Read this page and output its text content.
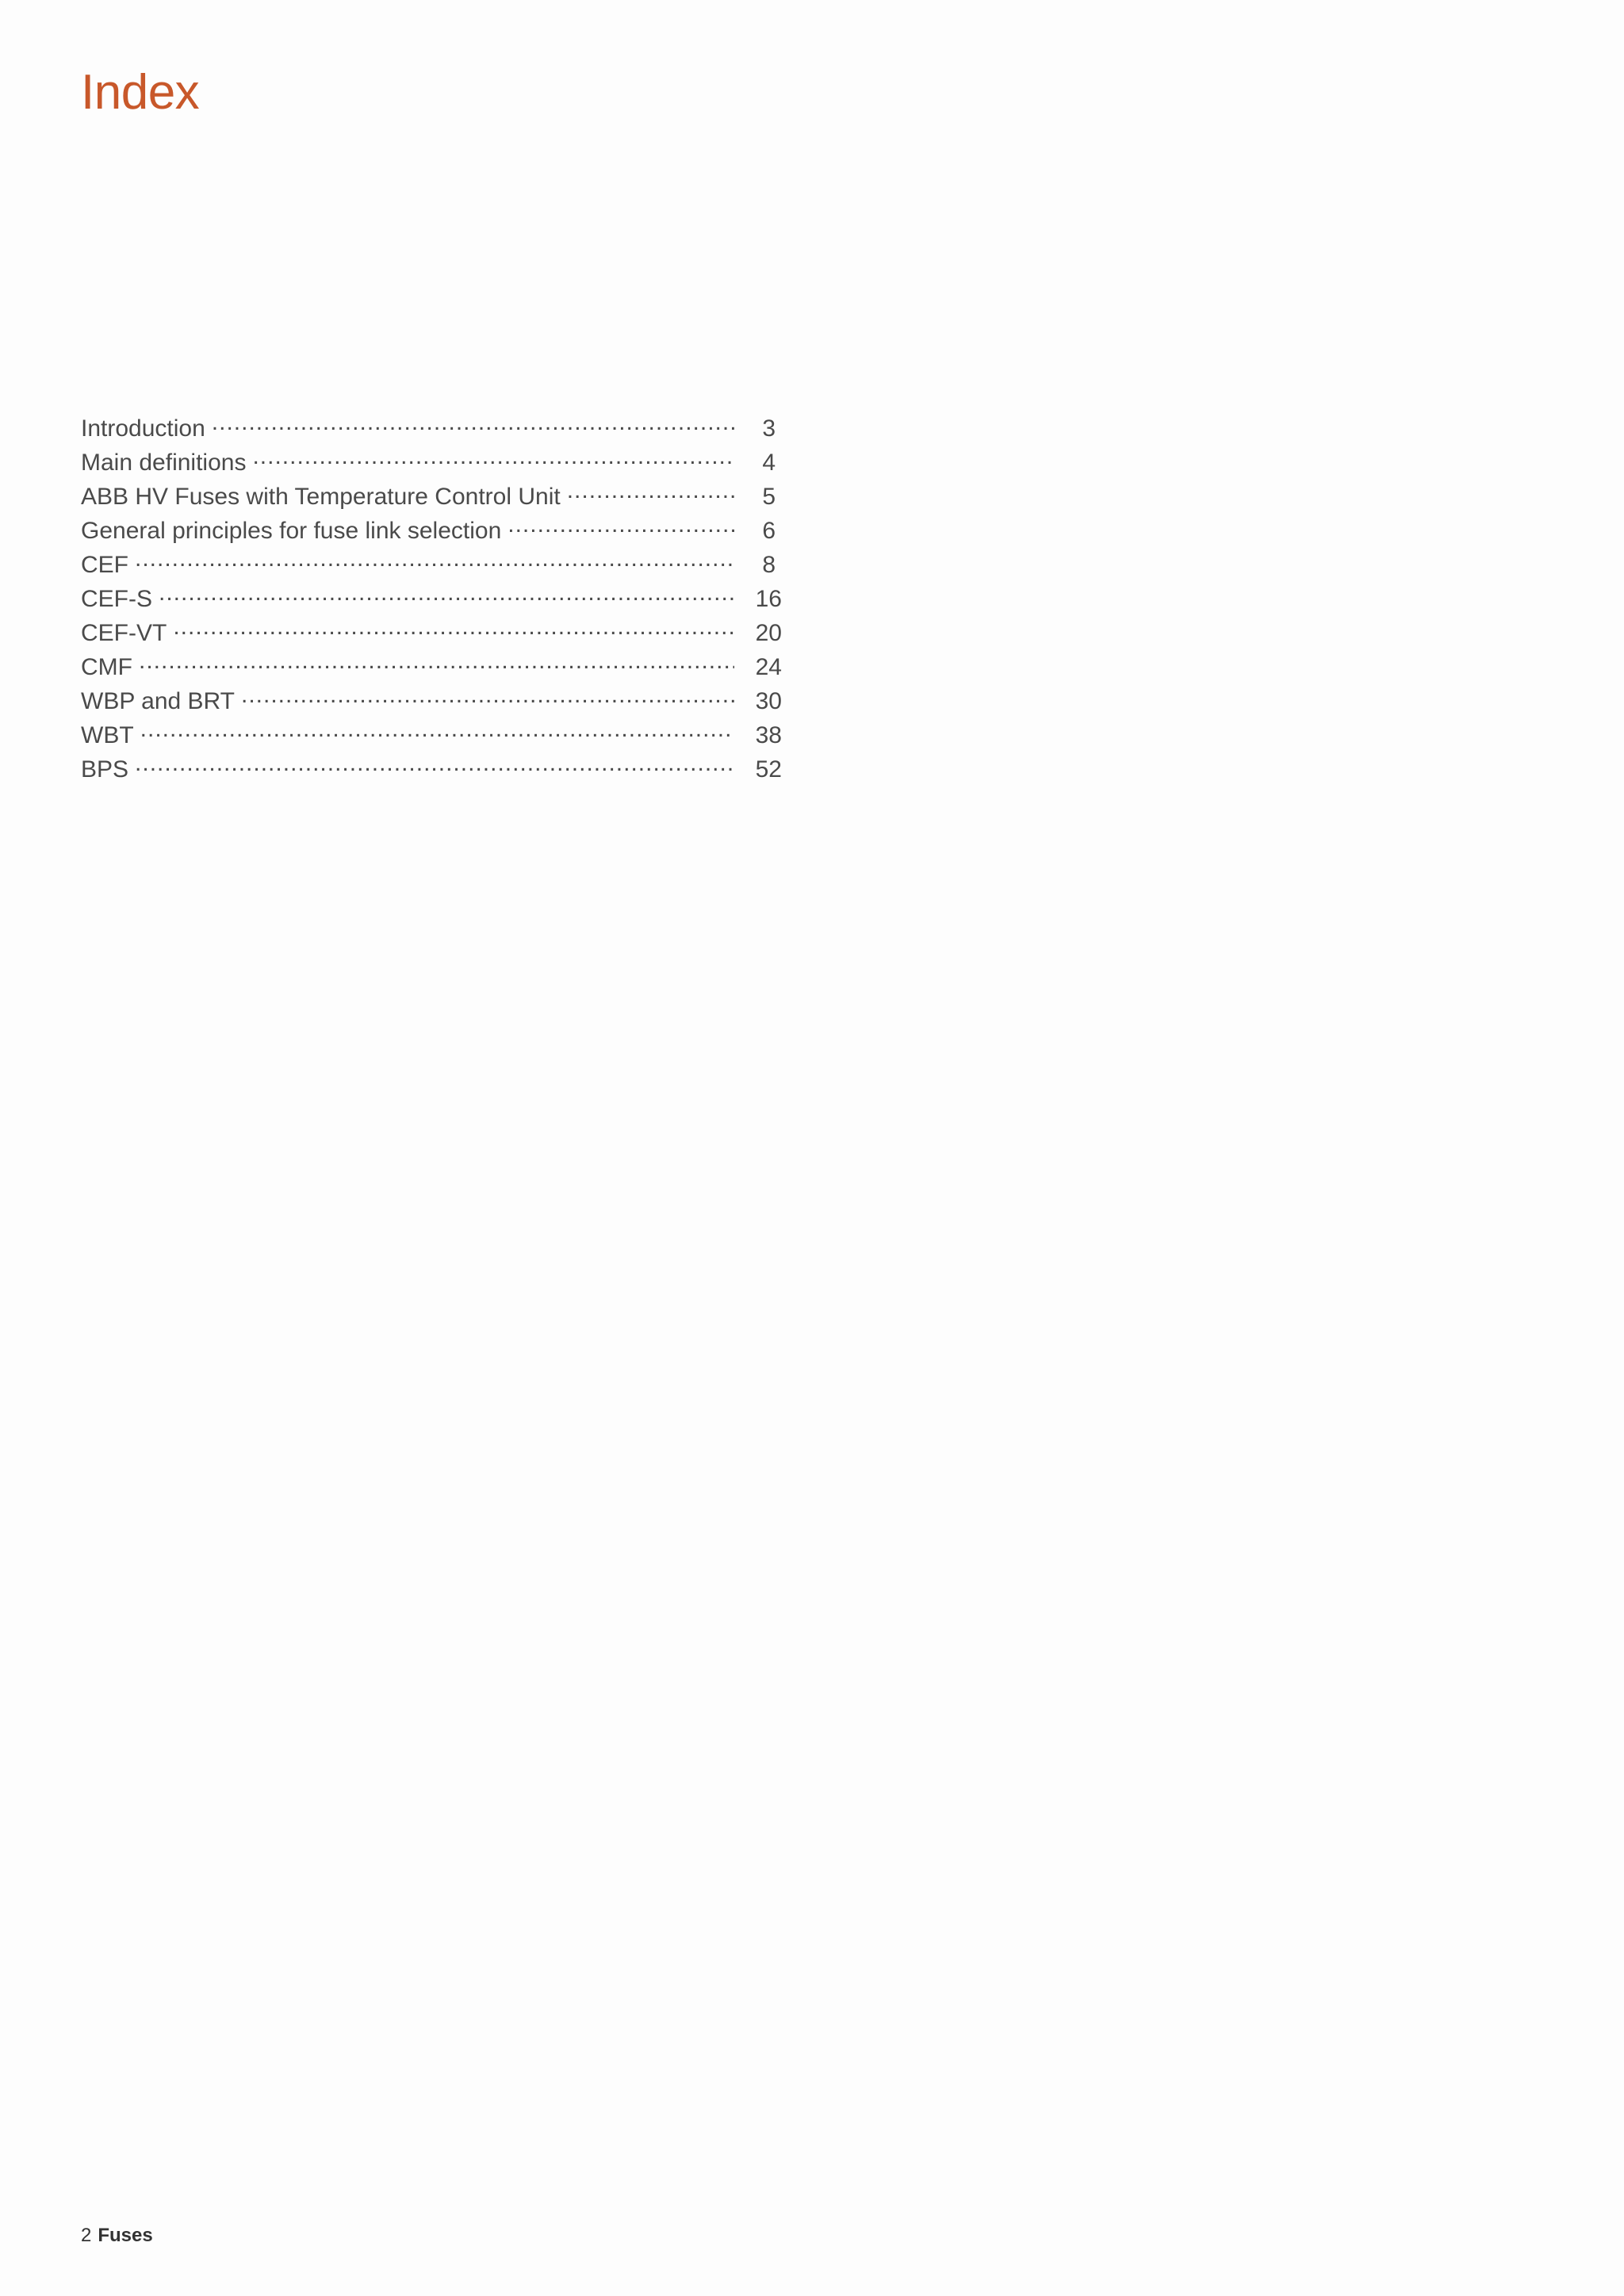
Index
Introduction .....	3
Main definitions .....	4
ABB HV Fuses with Temperature Control Unit .....	5
General principles for fuse link selection .....	6
CEF .....	8
CEF-S .....	16
CEF-VT .....	20
CMF .....	24
WBP and BRT .....	30
WBT .....	38
BPS .....	52
2 Fuses
